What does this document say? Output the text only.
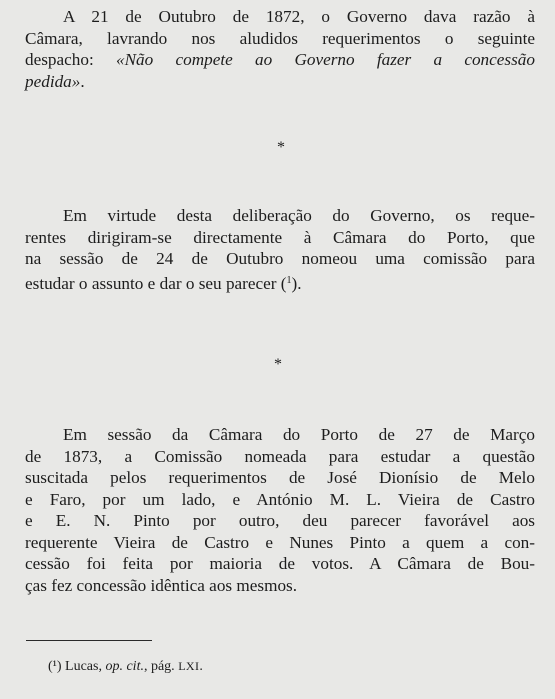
A 21 de Outubro de 1872, o Governo dava razão à
Câmara, lavrando nos aludidos requerimentos o seguinte
despacho: «Não compete ao Governo fazer a concessão
pedida».
*
Em virtude desta deliberação do Governo, os reque-
rentes dirigiram-se directamente à Câmara do Porto, que
na sessão de 24 de Outubro nomeou uma comissão para
estudar o assunto e dar o seu parecer ($^1$).
*
Em sessão da Câmara do Porto de 27 de Março
de 1873, a Comissão nomeada para estudar a questão
suscitada pelos requerimentos de José Dionísio de Melo
e Faro, por um lado, e António M. L. Vieira de Castro
e E. N. Pinto por outro, deu parecer favorável aos
requerente Vieira de Castro e Nunes Pinto a quem a con-
cessão foi feita por maioria de votos. A Câmara de Bou-
ças fez concessão idêntica aos mesmos.
(¹) Lucas, op. cit., pág. LXI.
